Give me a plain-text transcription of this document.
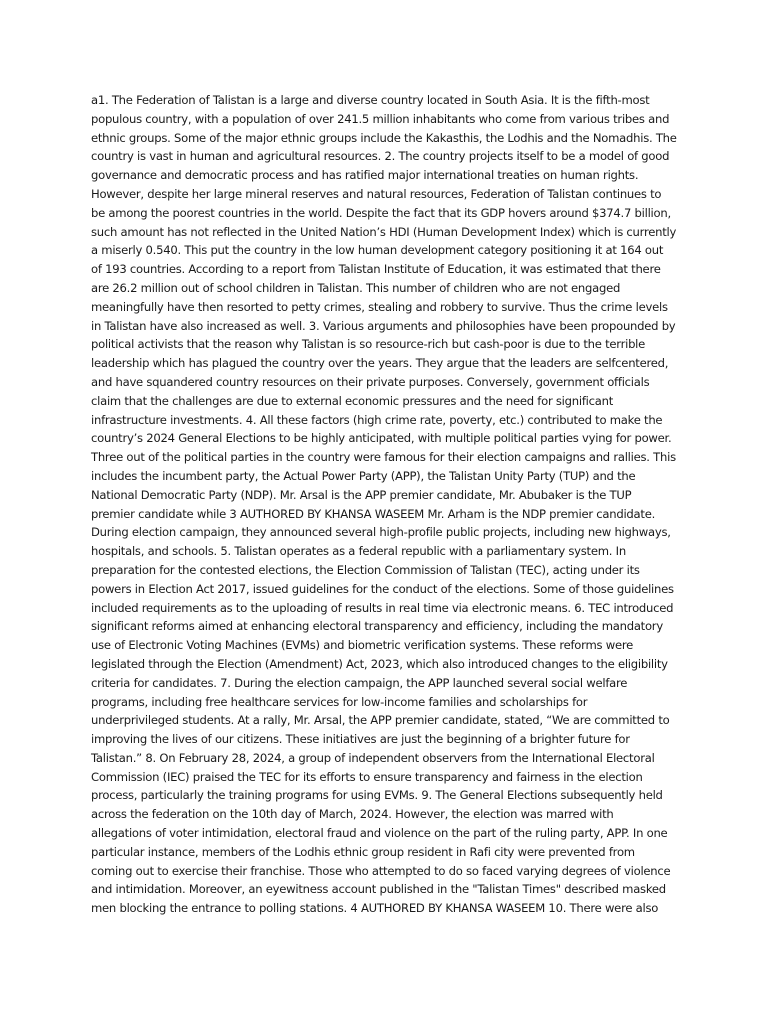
a1. The Federation of Talistan is a large and diverse country located in South Asia. It is the fifth-most populous country, with a population of over 241.5 million inhabitants who come from various tribes and ethnic groups. Some of the major ethnic groups include the Kakasthis, the Lodhis and the Nomadhis. The country is vast in human and agricultural resources. 2. The country projects itself to be a model of good governance and democratic process and has ratified major international treaties on human rights. However, despite her large mineral reserves and natural resources, Federation of Talistan continues to be among the poorest countries in the world. Despite the fact that its GDP hovers around $374.7 billion, such amount has not reflected in the United Nation’s HDI (Human Development Index) which is currently a miserly 0.540. This put the country in the low human development category positioning it at 164 out of 193 countries. According to a report from Talistan Institute of Education, it was estimated that there are 26.2 million out of school children in Talistan. This number of children who are not engaged meaningfully have then resorted to petty crimes, stealing and robbery to survive. Thus the crime levels in Talistan have also increased as well. 3. Various arguments and philosophies have been propounded by political activists that the reason why Talistan is so resource-rich but cash-poor is due to the terrible leadership which has plagued the country over the years. They argue that the leaders are selfcentered, and have squandered country resources on their private purposes. Conversely, government officials claim that the challenges are due to external economic pressures and the need for significant infrastructure investments. 4. All these factors (high crime rate, poverty, etc.) contributed to make the country’s 2024 General Elections to be highly anticipated, with multiple political parties vying for power. Three out of the political parties in the country were famous for their election campaigns and rallies. This includes the incumbent party, the Actual Power Party (APP), the Talistan Unity Party (TUP) and the National Democratic Party (NDP). Mr. Arsal is the APP premier candidate, Mr. Abubaker is the TUP premier candidate while 3 AUTHORED BY KHANSA WASEEM Mr. Arham is the NDP premier candidate. During election campaign, they announced several high-profile public projects, including new highways, hospitals, and schools. 5. Talistan operates as a federal republic with a parliamentary system. In preparation for the contested elections, the Election Commission of Talistan (TEC), acting under its powers in Election Act 2017, issued guidelines for the conduct of the elections. Some of those guidelines included requirements as to the uploading of results in real time via electronic means. 6. TEC introduced significant reforms aimed at enhancing electoral transparency and efficiency, including the mandatory use of Electronic Voting Machines (EVMs) and biometric verification systems. These reforms were legislated through the Election (Amendment) Act, 2023, which also introduced changes to the eligibility criteria for candidates. 7. During the election campaign, the APP launched several social welfare programs, including free healthcare services for low-income families and scholarships for underprivileged students. At a rally, Mr. Arsal, the APP premier candidate, stated, “We are committed to improving the lives of our citizens. These initiatives are just the beginning of a brighter future for Talistan.” 8. On February 28, 2024, a group of independent observers from the International Electoral Commission (IEC) praised the TEC for its efforts to ensure transparency and fairness in the election process, particularly the training programs for using EVMs. 9. The General Elections subsequently held across the federation on the 10th day of March, 2024. However, the election was marred with allegations of voter intimidation, electoral fraud and violence on the part of the ruling party, APP. In one particular instance, members of the Lodhis ethnic group resident in Rafi city were prevented from coming out to exercise their franchise. Those who attempted to do so faced varying degrees of violence and intimidation. Moreover, an eyewitness account published in the "Talistan Times" described masked men blocking the entrance to polling stations. 4 AUTHORED BY KHANSA WASEEM 10. There were also
